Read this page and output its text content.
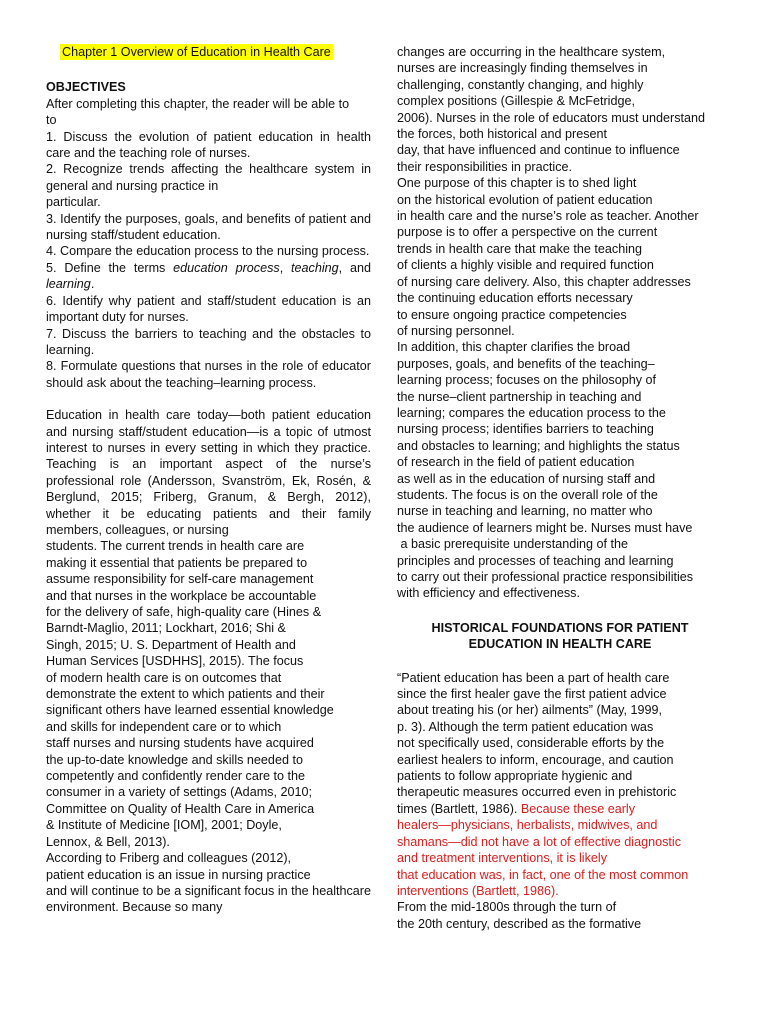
Chapter 1 Overview of Education in Health Care
OBJECTIVES

After completing this chapter, the reader will be able to

to

1. Discuss the evolution of patient education in health care and the teaching role of nurses.

2. Recognize trends affecting the healthcare system in general and nursing practice in

particular.

3. Identify the purposes, goals, and benefits of patient and nursing staff/student education.

4. Compare the education process to the nursing process.

5. Define the terms education process, teaching, and learning.

6. Identify why patient and staff/student education is an important duty for nurses.

7. Discuss the barriers to teaching and the obstacles to learning.

8. Formulate questions that nurses in the role of educator should ask about the teaching–learning process.

Education in health care today—both patient education and nursing staff/student education—is a topic of utmost interest to nurses in every setting in which they practice. Teaching is an important aspect of the nurse’s professional role (Andersson, Svanström, Ek, Rosén, & Berglund, 2015; Friberg, Granum, & Bergh, 2012), whether it be educating patients and their family members, colleagues, or nursing

students. The current trends in health care are
making it essential that patients be prepared to
assume responsibility for self-care management
and that nurses in the workplace be accountable
for the delivery of safe, high-quality care (Hines &
Barndt-Maglio, 2011; Lockhart, 2016; Shi &
Singh, 2015; U. S. Department of Health and
Human Services [USDHHS], 2015). The focus
of modern health care is on outcomes that
demonstrate the extent to which patients and their
significant others have learned essential knowledge
and skills for independent care or to which
staff nurses and nursing students have acquired
the up-to-date knowledge and skills needed to
competently and confidently render care to the
consumer in a variety of settings (Adams, 2010;
Committee on Quality of Health Care in America
& Institute of Medicine [IOM], 2001; Doyle,
Lennox, & Bell, 2013).
According to Friberg and colleagues (2012),
patient education is an issue in nursing practice

and will continue to be a significant focus in the healthcare environment. Because so many

changes are occurring in the healthcare system,
nurses are increasingly finding themselves in
challenging, constantly changing, and highly
complex positions (Gillespie & McFetridge,

2006). Nurses in the role of educators must understand

the forces, both historical and present
day, that have influenced and continue to influence
their responsibilities in practice.
One purpose of this chapter is to shed light
on the historical evolution of patient education

in health care and the nurse’s role as teacher. Another

purpose is to offer a perspective on the current
trends in health care that make the teaching
of clients a highly visible and required function
of nursing care delivery. Also, this chapter addresses
the continuing education efforts necessary
to ensure ongoing practice competencies
of nursing personnel.
In addition, this chapter clarifies the broad
purposes, goals, and benefits of the teaching–
learning process; focuses on the philosophy of
the nurse–client partnership in teaching and
learning; compares the education process to the
nursing process; identifies barriers to teaching
and obstacles to learning; and highlights the status
of research in the field of patient education
as well as in the education of nursing staff and
students. The focus is on the overall role of the
nurse in teaching and learning, no matter who
the audience of learners might be. Nurses must have
a basic prerequisite understanding of the
principles and processes of teaching and learning
to carry out their professional practice responsibilities
with efficiency and effectiveness.
HISTORICAL FOUNDATIONS FOR PATIENT EDUCATION IN HEALTH CARE
“Patient education has been a part of health care
since the first healer gave the first patient advice
about treating his (or her) ailments” (May, 1999,
p. 3). Although the term patient education was
not specifically used, considerable efforts by the
earliest healers to inform, encourage, and caution
patients to follow appropriate hygienic and
therapeutic measures occurred even in prehistoric

times (Bartlett, 1986). Because these early

healers—physicians, herbalists, midwives, and
shamans—did not have a lot of effective diagnostic
and treatment interventions, it is likely
that education was, in fact, one of the most common
interventions (Bartlett, 1986).
From the mid-1800s through the turn of
the 20th century, described as the formative
